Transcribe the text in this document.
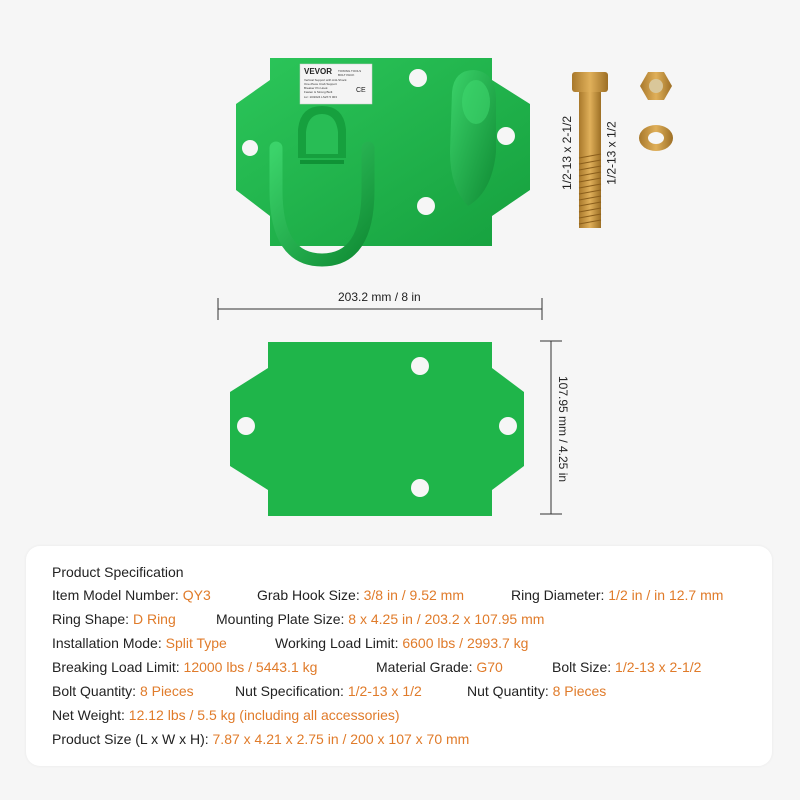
VEVOR TOWING TOOLS
BOLT PACK
Vertical Support with Anti-Shock
One-Piece Crab Support
Breaker Pin Hook
Fasten & Strong Built
Lic: 10/2024 LS2X 5 003
CE
1/2-13 x 2-1/2	1/2-13 x 1/2
203.2 mm / 8 in
107.95 mm / 4.25 in
Product Specification
Item Model Number: QY3	Grab Hook Size: 3/8 in / 9.52 mm	Ring Diameter: 1/2 in / in 12.7 mm
Ring Shape: D Ring	Mounting Plate Size: 8 x 4.25 in / 203.2 x 107.95 mm
Installation Mode: Split Type	Working Load Limit: 6600 lbs / 2993.7 kg
Breaking Load Limit: 12000 lbs / 5443.1 kg	Material Grade: G70	Bolt Size: 1/2-13 x 2-1/2
Bolt Quantity: 8 Pieces	Nut Specification: 1/2-13 x 1/2	Nut Quantity: 8 Pieces
Net Weight: 12.12 lbs / 5.5 kg (including all accessories)
Product Size (L x W x H): 7.87 x 4.21 x 2.75 in / 200 x 107 x 70 mm
